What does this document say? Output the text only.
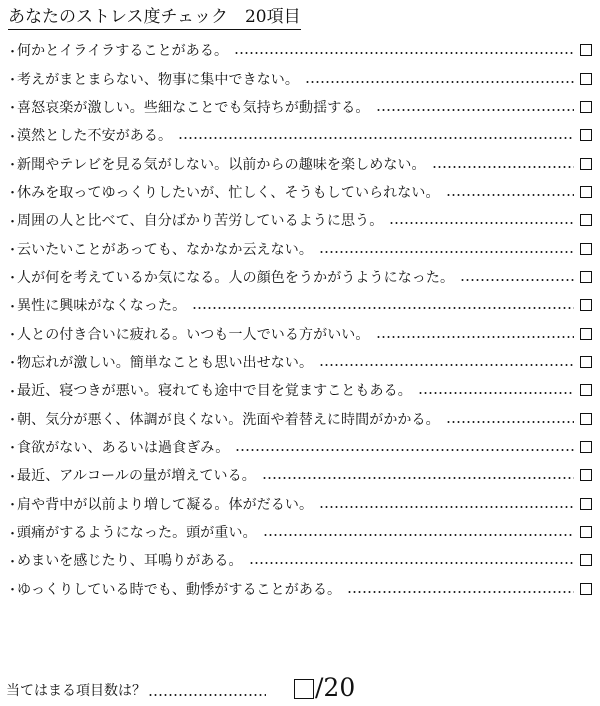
あなたのストレス度チェック　20項目
・
何かとイライラすることがある。
・
考えがまとまらない、物事に集中できない。
・
喜怒哀楽が激しい。些細なことでも気持ちが動揺する。
・
漠然とした不安がある。
・
新聞やテレビを見る気がしない。以前からの趣味を楽しめない。
・
休みを取ってゆっくりしたいが、忙しく、そうもしていられない。
・
周囲の人と比べて、自分ばかり苦労しているように思う。
・
云いたいことがあっても、なかなか云えない。
・
人が何を考えているか気になる。人の顔色をうかがうようになった。
・
異性に興味がなくなった。
・
人との付き合いに疲れる。いつも一人でいる方がいい。
・
物忘れが激しい。簡単なことも思い出せない。
・
最近、寝つきが悪い。寝れても途中で目を覚ますこともある。
・
朝、気分が悪く、体調が良くない。洗面や着替えに時間がかかる。
・
食欲がない、あるいは過食ぎみ。
・
最近、アルコールの量が増えている。
・
肩や背中が以前より増して凝る。体がだるい。
・
頭痛がするようになった。頭が重い。
・
めまいを感じたり、耳鳴りがある。
・
ゆっくりしている時でも、動悸がすることがある。
当てはまる項目数は？	/20
